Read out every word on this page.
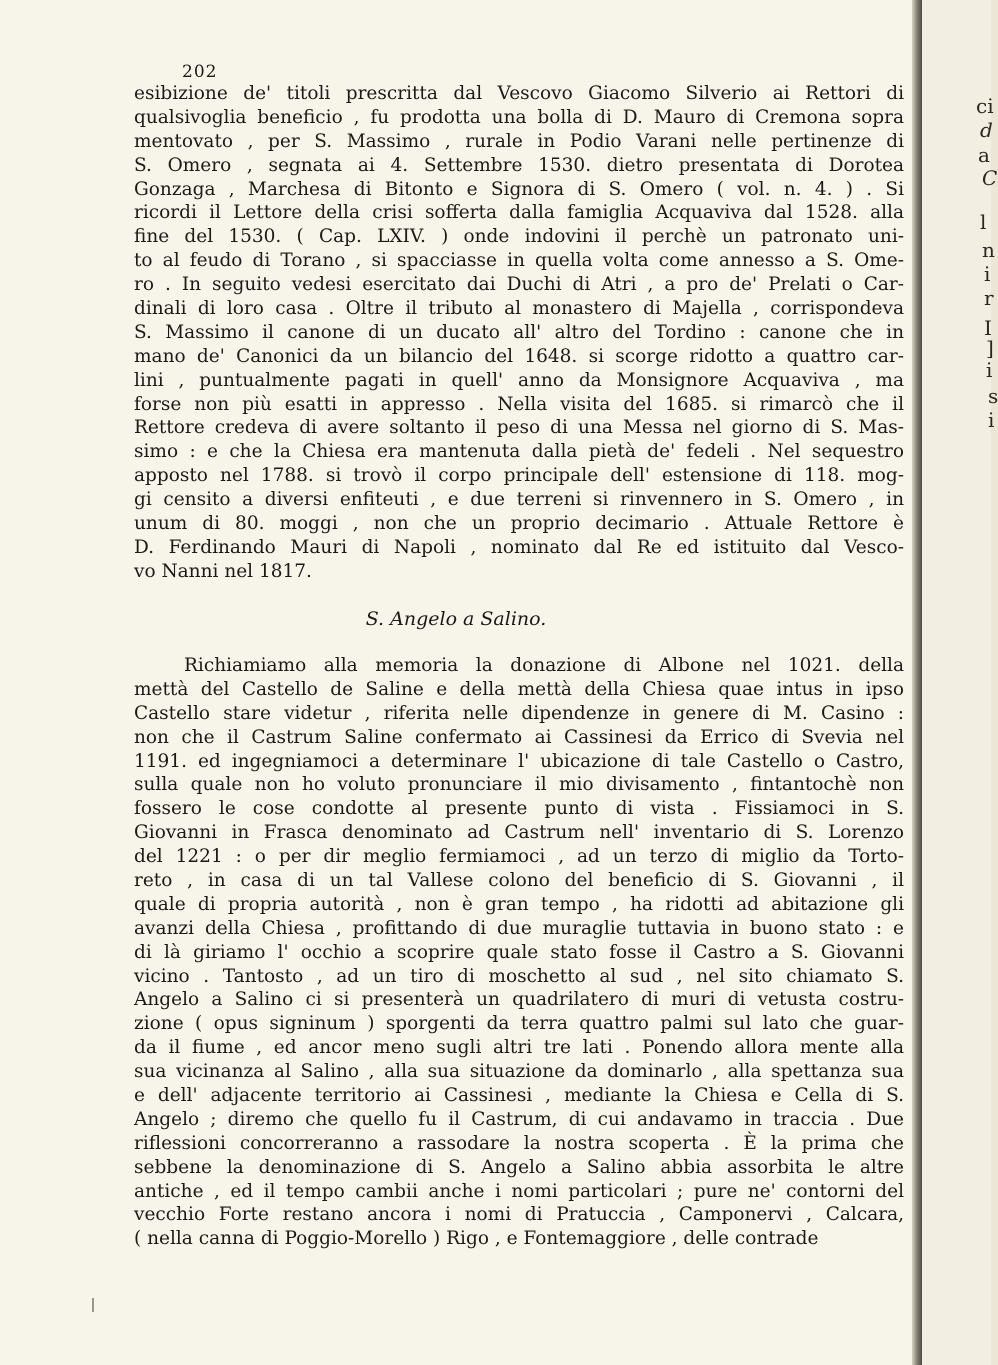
202
esibizione de' titoli prescritta dal Vescovo Giacomo Silverio ai Rettori di
qualsivoglia beneficio , fu prodotta una bolla di D. Mauro di Cremona sopra
mentovato , per S. Massimo , rurale in Podio Varani nelle pertinenze di
S. Omero , segnata ai 4. Settembre 1530. dietro presentata di Dorotea
Gonzaga , Marchesa di Bitonto e Signora di S. Omero ( vol. n. 4. ) . Si
ricordi il Lettore della crisi sofferta dalla famiglia Acquaviva dal 1528. alla
fine del 1530. ( Cap. LXIV. ) onde indovini il perchè un patronato uni-
to al feudo di Torano , si spacciasse in quella volta come annesso a S. Ome-
ro . In seguito vedesi esercitato dai Duchi di Atri , a pro de' Prelati o Car-
dinali di loro casa . Oltre il tributo al monastero di Majella , corrispondeva
S. Massimo il canone di un ducato all' altro del Tordino : canone che in
mano de' Canonici da un bilancio del 1648. si scorge ridotto a quattro car-
lini , puntualmente pagati in quell' anno da Monsignore Acquaviva , ma
forse non più esatti in appresso . Nella visita del 1685. si rimarcò che il
Rettore credeva di avere soltanto il peso di una Messa nel giorno di S. Mas-
simo : e che la Chiesa era mantenuta dalla pietà de' fedeli . Nel sequestro
apposto nel 1788. si trovò il corpo principale dell' estensione di 118. mog-
gi censito a diversi enfiteuti , e due terreni si rinvennero in S. Omero , in
unum di 80. moggi , non che un proprio decimario . Attuale Rettore è
D. Ferdinando Mauri di Napoli , nominato dal Re ed istituito dal Vesco-
vo Nanni nel 1817.
S. Angelo a Salino.
Richiamiamo alla memoria la donazione di Albone nel 1021. della
mettà del Castello de Saline e della mettà della Chiesa quae intus in ipso
Castello stare videtur , riferita nelle dipendenze in genere di M. Casino :
non che il Castrum Saline confermato ai Cassinesi da Errico di Svevia nel
1191. ed ingegniamoci a determinare l' ubicazione di tale Castello o Castro,
sulla quale non ho voluto pronunciare il mio divisamento , fintantochè non
fossero le cose condotte al presente punto di vista . Fissiamoci in S.
Giovanni in Frasca denominato ad Castrum nell' inventario di S. Lorenzo
del 1221 : o per dir meglio fermiamoci , ad un terzo di miglio da Torto-
reto , in casa di un tal Vallese colono del beneficio di S. Giovanni , il
quale di propria autorità , non è gran tempo , ha ridotti ad abitazione gli
avanzi della Chiesa , profittando di due muraglie tuttavia in buono stato : e
di là giriamo l' occhio a scoprire quale stato fosse il Castro a S. Giovanni
vicino . Tantosto , ad un tiro di moschetto al sud , nel sito chiamato S.
Angelo a Salino ci si presenterà un quadrilatero di muri di vetusta costru-
zione ( opus signinum ) sporgenti da terra quattro palmi sul lato che guar-
da il fiume , ed ancor meno sugli altri tre lati . Ponendo allora mente alla
sua vicinanza al Salino , alla sua situazione da dominarlo , alla spettanza sua
e dell' adjacente territorio ai Cassinesi , mediante la Chiesa e Cella di S.
Angelo ; diremo che quello fu il Castrum, di cui andavamo in traccia . Due
riflessioni concorreranno a rassodare la nostra scoperta . È la prima che
sebbene la denominazione di S. Angelo a Salino abbia assorbita le altre
antiche , ed il tempo cambii anche i nomi particolari ; pure ne' contorni del
vecchio Forte restano ancora i nomi di Pratuccia , Camponervi , Calcara,
( nella canna di Poggio-Morello ) Rigo , e Fontemaggiore , delle contrade
ci
d
a
C
l
n
i
r
I
]
i
s
i
